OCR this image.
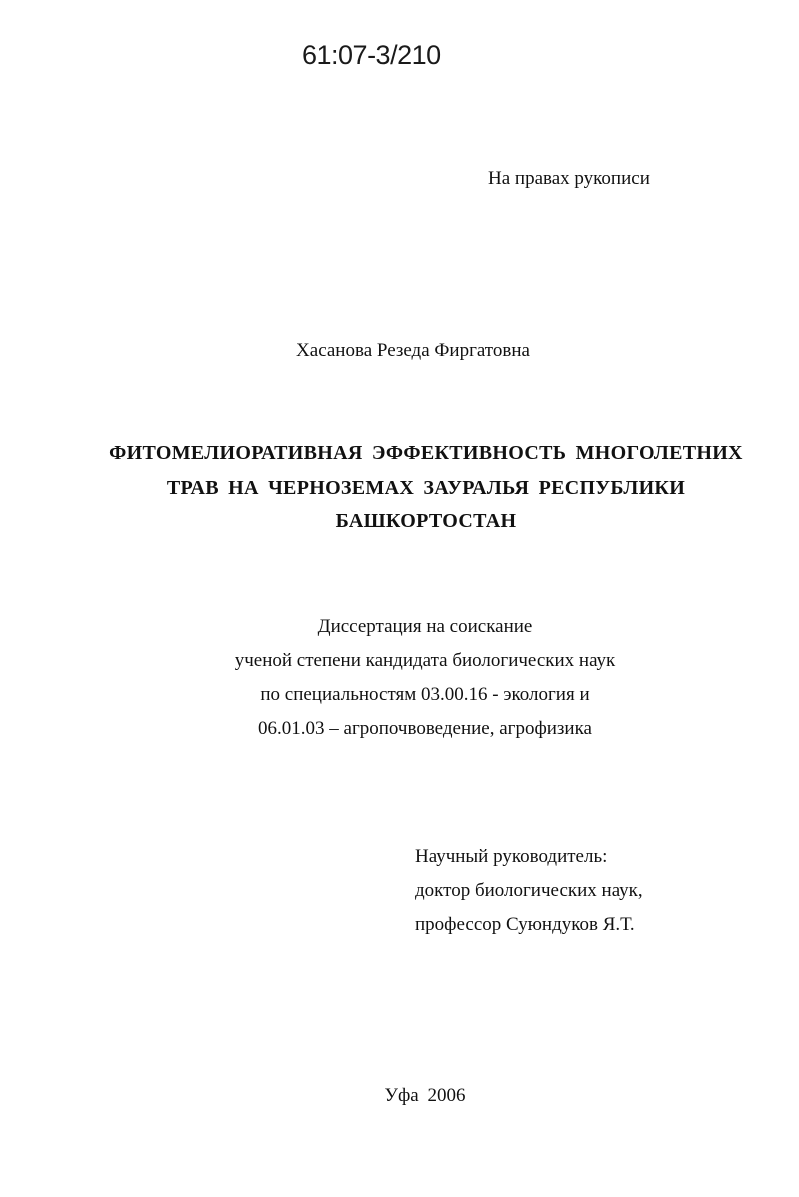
61:07-3/210
На правах рукописи
Хасанова Резеда Фиргатовна
ФИТОМЕЛИОРАТИВНАЯ ЭФФЕКТИВНОСТЬ МНОГОЛЕТНИХ
ТРАВ НА ЧЕРНОЗЕМАХ ЗАУРАЛЬЯ РЕСПУБЛИКИ
БАШКОРТОСТАН
Диссертация на соискание
ученой степени кандидата биологических наук
по специальностям 03.00.16 - экология и
06.01.03 – агропочвоведение, агрофизика
Научный руководитель:
доктор биологических наук,
профессор Суюндуков Я.Т.
Уфа 2006
